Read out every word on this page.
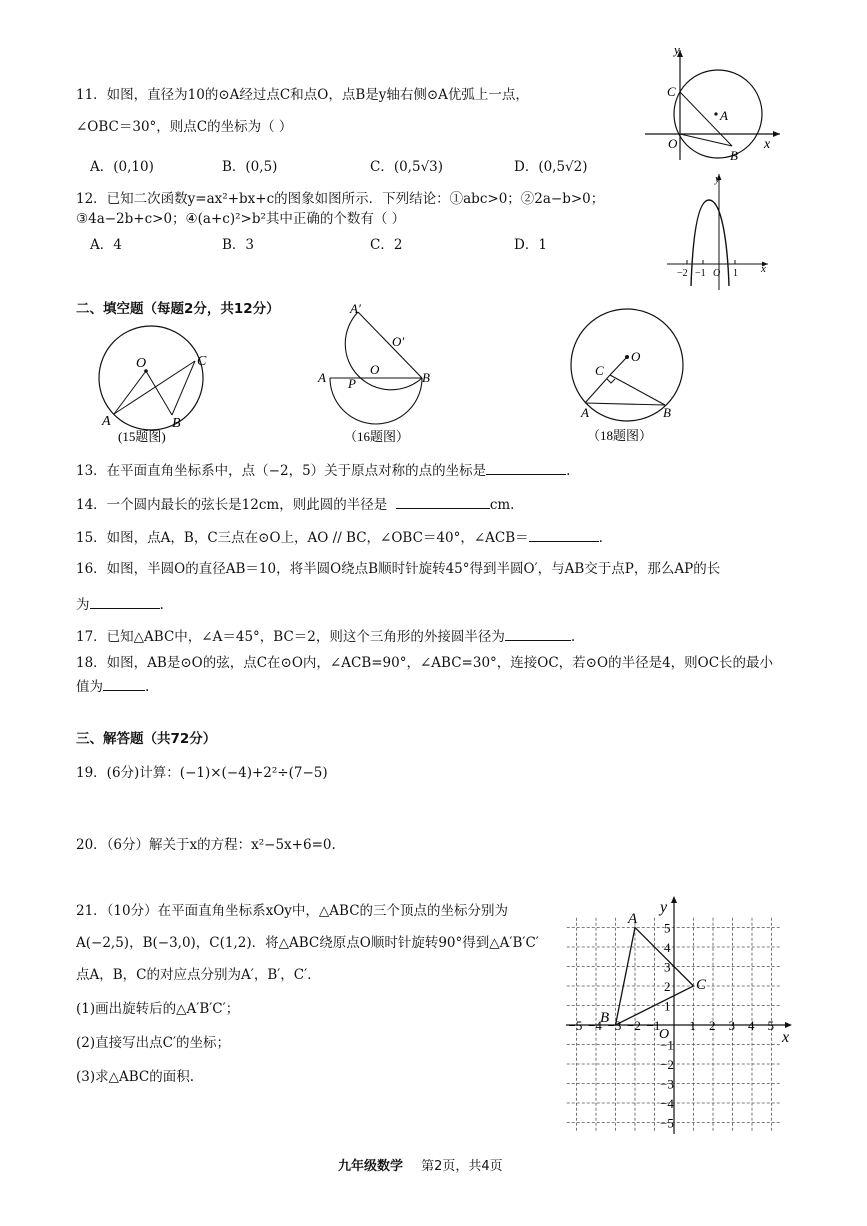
11．如图，直径为10的⊙A经过点C和点O，点B是y轴右侧⊙A优弧上一点，
∠OBC＝30°，则点C的坐标为（ ）
A．(0,10)	B．(0,5)	C．(0,5√3)	D．(0,5√2)
y
x
C
A
O
B
12．已知二次函数y=ax²+bx+c的图象如图所示．下列结论：①abc>0；②2a−b>0；
③4a−2b+c>0；④(a+c)²>b²其中正确的个数有（ ）
A．4	B．3	C．2	D．1
y
x
−2 −1 O 1
二、填空题（每题2分，共12分）
O	C
A	B
(15题图)
A′
O′
A P
O
B
（16题图）
C
O
A	B
（18题图）
13．在平面直角坐标系中，点（−2，5）关于原点对称的点的坐标是	.
14．一个圆内最长的弦长是12cm，则此圆的半径是	cm.
15．如图，点A，B，C三点在⊙O上，AO // BC，∠OBC＝40°，∠ACB＝	.
16．如图，半圆O的直径AB＝10，将半圆O绕点B顺时针旋转45°得到半圆O′，与AB交于点P，那么AP的长
为	.
17．已知△ABC中，∠A＝45°，BC＝2，则这个三角形的外接圆半径为	.
18．如图，AB是⊙O的弦，点C在⊙O内，∠ACB=90°，∠ABC=30°，连接OC，若⊙O的半径是4，则OC长的最小
值为	.
三、解答题（共72分）
19．(6分)计算：(−1)×(−4)+2²÷(7−5)
20．（6分）解关于x的方程：x²−5x+6=0.
21．（10分）在平面直角坐标系xOy中，△ABC的三个顶点的坐标分别为
A(−2,5)，B(−3,0)，C(1,2)．将△ABC绕原点O顺时针旋转90°得到△A′B′C′
点A，B，C的对应点分别为A′，B′，C′．
(1)画出旋转后的△A′B′C′；
(2)直接写出点C′的坐标；
(3)求△ABC的面积.
−5 −4 −3 −2 −1 1 2 3 4 5
5
4
3
2
1
−1
−2
−3
−4
−5
x
y
O
A
B
C
九年级数学 第2页，共4页
